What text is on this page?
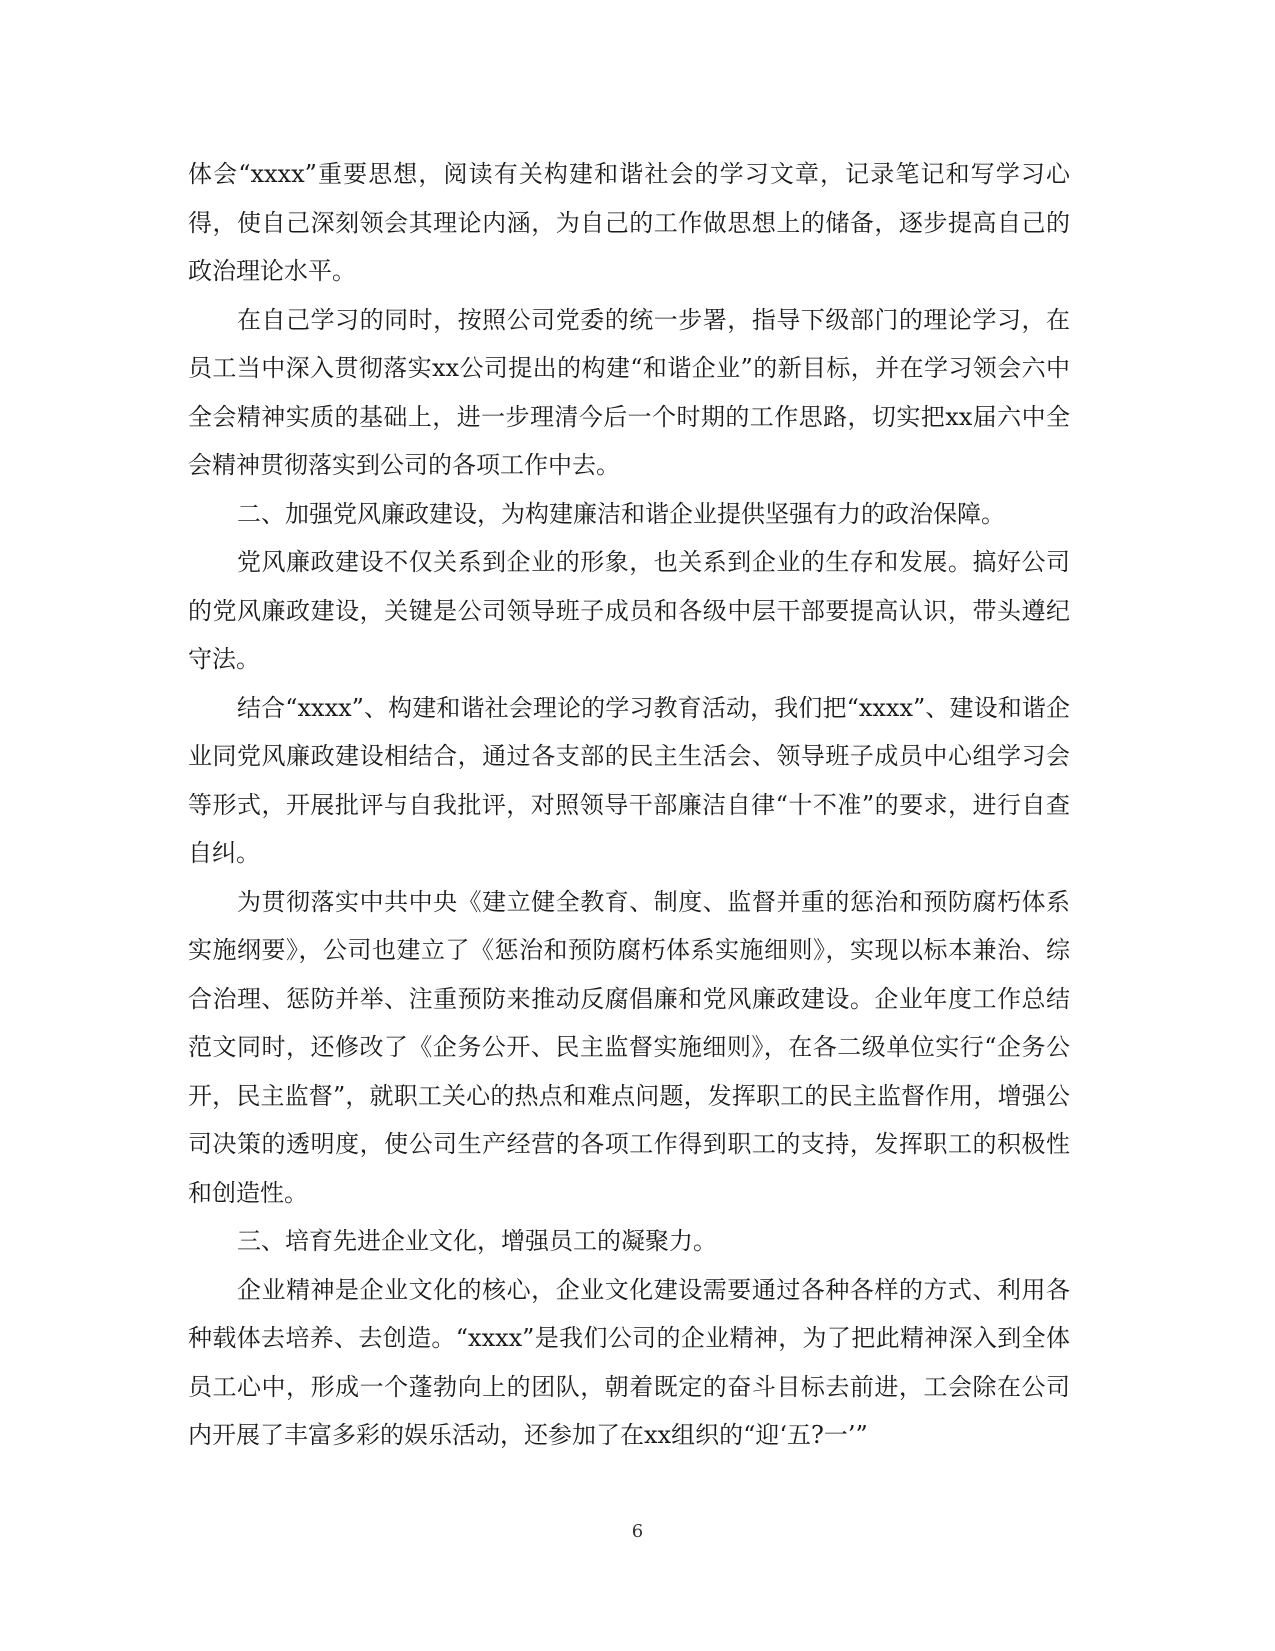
体会“xxxx”重要思想，阅读有关构建和谐社会的学习文章，记录笔记和写学习心得，使自己深刻领会其理论内涵，为自己的工作做思想上的储备，逐步提高自己的政治理论水平。

在自己学习的同时，按照公司党委的统一步署，指导下级部门的理论学习，在员工当中深入贯彻落实xx公司提出的构建“和谐企业”的新目标，并在学习领会六中全会精神实质的基础上，进一步理清今后一个时期的工作思路，切实把xx届六中全会精神贯彻落实到公司的各项工作中去。

二、加强党风廉政建设，为构建廉洁和谐企业提供坚强有力的政治保障。

党风廉政建设不仅关系到企业的形象，也关系到企业的生存和发展。搞好公司的党风廉政建设，关键是公司领导班子成员和各级中层干部要提高认识，带头遵纪守法。

结合“xxxx”、构建和谐社会理论的学习教育活动，我们把“xxxx”、建设和谐企业同党风廉政建设相结合，通过各支部的民主生活会、领导班子成员中心组学习会等形式，开展批评与自我批评，对照领导干部廉洁自律“十不准”的要求，进行自查自纠。

为贯彻落实中共中央《建立健全教育、制度、监督并重的惩治和预防腐朽体系实施纲要》，公司也建立了《惩治和预防腐朽体系实施细则》，实现以标本兼治、综合治理、惩防并举、注重预防来推动反腐倡廉和党风廉政建设。企业年度工作总结范文同时，还修改了《企务公开、民主监督实施细则》，在各二级单位实行“企务公开，民主监督”，就职工关心的热点和难点问题，发挥职工的民主监督作用，增强公司决策的透明度，使公司生产经营的各项工作得到职工的支持，发挥职工的积极性和创造性。

三、培育先进企业文化，增强员工的凝聚力。

企业精神是企业文化的核心，企业文化建设需要通过各种各样的方式、利用各种载体去培养、去创造。“xxxx”是我们公司的企业精神，为了把此精神深入到全体员工心中，形成一个蓬勃向上的团队，朝着既定的奋斗目标去前进，工会除在公司内开展了丰富多彩的娱乐活动，还参加了在xx组织的“迎‘五?一’”

6
